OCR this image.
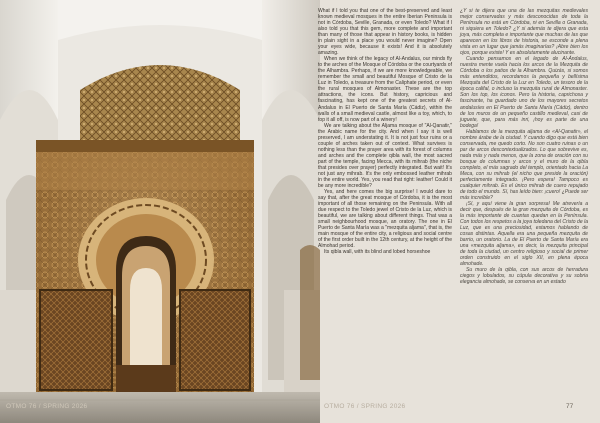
What if I told you that one of the best-preserved and least known medieval mosques in the entire Iberian Peninsula is not in Córdoba, Seville, Granada, or even Toledo? What if I also told you that this gem, more complete and important than many of those that appear in history books, is hidden in plain sight in a place you would never imagine? Open your eyes wide, because it exists! And it is absolutely amazing.

When we think of the legacy of Al-Andalus, our minds fly to the arches of the Mosque of Córdoba or the courtyards of the Alhambra. Perhaps, if we are more knowledgeable, we remember the small and beautiful Mosque of Cristo de la Luz in Toledo, a treasure from the Caliphate period, or even the rural mosques of Almonaster. These are the top attractions, the icons. But history, capricious and fascinating, has kept one of the greatest secrets of Al-Andalus in El Puerto de Santa María (Cádiz), within the walls of a small medieval castle, almost like a toy, which, to top it all off, is now part of a winery!

We are talking about the Aljama mosque of "Al-Qanatir," the Arabic name for the city. And when I say it is well preserved, I am understating it. It is not just four ruins or a couple of arches taken out of context. What survives is nothing less than the prayer area with its forest of columns and arches and the complete qibla wall, the most sacred part of the temple, facing Mecca, with its mihrab (the niche that presides over prayer) perfectly integrated. But wait! It's not just any mihrab. It's the only embossed leather mihrab in the entire world. Yes, you read that right: leather! Could it be any more incredible?

Yes, and here comes the big surprise! I would dare to say that, after the great mosque of Córdoba, it is the most important of all those remaining on the Peninsula. With all due respect to the Toledo jewel of Cristo de la Luz, which is beautiful, we are talking about different things. That was a small neighbourhood mosque, an oratory. The one in El Puerto de Santa María was a "mezquita aljama", that is, the main mosque of the entire city, a religious and social centre of the first order built in the 12th century, at the height of the Almohad period.

Its qibla wall, with its blind and lobed horseshoe

¿Y si te dijera que una de las mezquitas medievales mejor conservadas y más desconocidas de toda la Península no está en Córdoba, ni en Sevilla o Granada, ni siquiera en Toledo? ¿Y si además te dijera que esta joya, más completa e importante que muchas de las que aparecen en los libros de historia, se esconde a plena vista en un lugar que jamás imaginarías? ¡Abre bien los ojos, porque existe! Y es absolutamente alucinante.

Cuando pensamos en el legado de Al-Ándalus, nuestra mente vuela hacia los arcos de la Mezquita de Córdoba o los patios de la Alhambra. Quizás, si somos más entendidos, recordamos la pequeña y bellísima Mezquita del Cristo de la Luz en Toledo, un tesoro de la época califal, o incluso la mezquita rural de Almonaster. Son los top, los iconos. Pero la historia, caprichosa y fascinante, ha guardado uno de los mayores secretos andalusíes en El Puerto de Santa María (Cádiz), dentro de los muros de un pequeño castillo medieval, casi de juguete, que, para más inri, ¡hoy es parte de una bodega!

Hablamos de la mezquita aljama de «Al-Qanatir», el nombre árabe de la ciudad. Y cuando digo que está bien conservada, me quedo corto. No son cuatro ruinas o un par de arcos descontextualizados. Lo que sobrevive es, nada más y nada menos, que la zona de oración con su bosque de columnas y arcos y el muro de la qibla completo, el más sagrado del templo, orientado hacia La Meca, con su mihrab (el nicho que preside la oración) perfectamente integrado. ¡Pero espera! Tampoco es cualquier mihrab. Es el único mihrab de cuero repujado de todo el mundo. Sí, has leído bien: ¡cuero! ¿Puede ser más increíble?

¡Sí, y aquí viene la gran sorpresa! Me atrevería a decir que, después de la gran mezquita de Córdoba, es la más importante de cuantas quedan en la Península. Con todos los respetos a la joya toledana del Cristo de la Luz, que es una preciosidad, estamos hablando de cosas distintas. Aquella era una pequeña mezquita de barrio, un oratorio. La de El Puerto de Santa María era una «mezquita aljama», es decir, la mezquita principal de toda la ciudad, un centro religioso y social de primer orden construido en el siglo XII, en plena época almohade.

Su muro de la qibla, con sus arcos de herradura ciegos y lobulados, su cúpula decorativa y su sobria elegancia almohade, se conserva en un estado

OTMO 76 / SPRING 2026	OTMO 76 / SPRING 2026	77
